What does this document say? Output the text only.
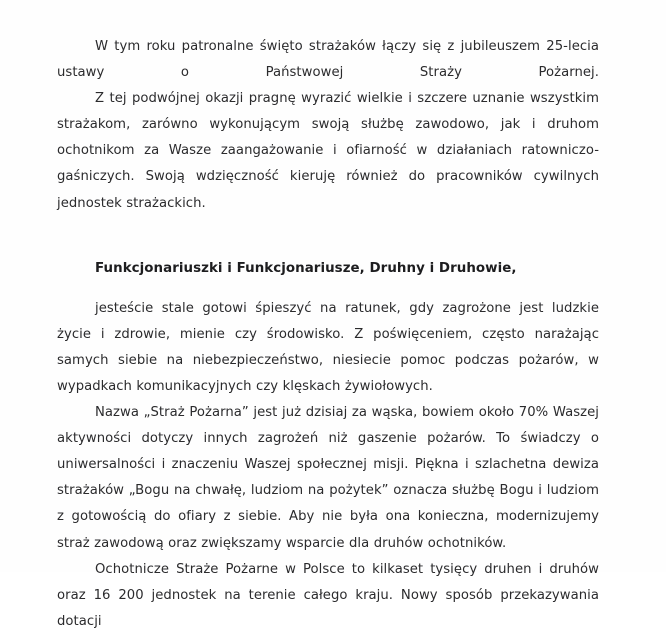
W tym roku patronalne święto strażaków łączy się z jubileuszem 25-lecia ustawy o Państwowej Straży Pożarnej.

Z tej podwójnej okazji pragnę wyrazić wielkie i szczere uznanie wszystkim strażakom, zarówno wykonującym swoją służbę zawodowo, jak i druhom ochotnikom za Wasze zaangażowanie i ofiarność w działaniach ratowniczo-gaśniczych. Swoją wdzięczność kieruję również do pracowników cywilnych jednostek strażackich.

Funkcjonariuszki i Funkcjonariusze, Druhny i Druhowie,

jesteście stale gotowi śpieszyć na ratunek, gdy zagrożone jest ludzkie życie i zdrowie, mienie czy środowisko. Z poświęceniem, często narażając samych siebie na niebezpieczeństwo, niesiecie pomoc podczas pożarów, w wypadkach komunikacyjnych czy klęskach żywiołowych.

Nazwa „Straż Pożarna” jest już dzisiaj za wąska, bowiem około 70% Waszej aktywności dotyczy innych zagrożeń niż gaszenie pożarów. To świadczy o uniwersalności i znaczeniu Waszej społecznej misji. Piękna i szlachetna dewiza strażaków „Bogu na chwałę, ludziom na pożytek” oznacza służbę Bogu i ludziom z gotowością do ofiary z siebie. Aby nie była ona konieczna, modernizujemy straż zawodową oraz zwiększamy wsparcie dla druhów ochotników.

Ochotnicze Straże Pożarne w Polsce to kilkaset tysięcy druhen i druhów oraz 16 200 jednostek na terenie całego kraju. Nowy sposób przekazywania dotacji
